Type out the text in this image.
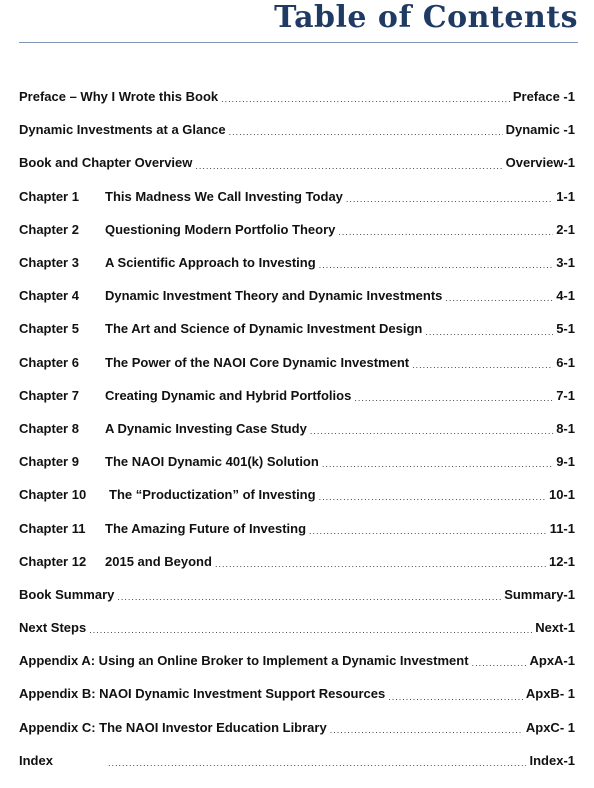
Table of Contents
Preface – Why I Wrote this Book .....	Preface -1
Dynamic Investments at a Glance .....	Dynamic -1
Book and Chapter Overview .....	Overview-1
Chapter 1	This Madness We Call Investing Today .....	1-1
Chapter 2	Questioning Modern Portfolio Theory .....	2-1
Chapter 3	A Scientific Approach to Investing .....	3-1
Chapter 4	Dynamic Investment Theory and Dynamic Investments .....	4-1
Chapter 5	The Art and Science of Dynamic Investment Design .....	5-1
Chapter 6	The Power of the NAOI Core Dynamic Investment .....	6-1
Chapter 7	Creating Dynamic and Hybrid Portfolios .....	7-1
Chapter 8	A Dynamic Investing Case Study .....	8-1
Chapter 9	The NAOI Dynamic 401(k) Solution .....	9-1
Chapter 10	The “Productization” of Investing .....	10-1
Chapter 11	The Amazing Future of Investing .....	11-1
Chapter 12	2015 and Beyond .....	12-1
Book Summary .....	Summary-1
Next Steps .....	Next-1
Appendix A: Using an Online Broker to Implement a Dynamic Investment .....	ApxA-1
Appendix B: NAOI Dynamic Investment Support Resources .....	ApxB- 1
Appendix C: The NAOI Investor Education Library .....	ApxC- 1
Index .....	Index-1
